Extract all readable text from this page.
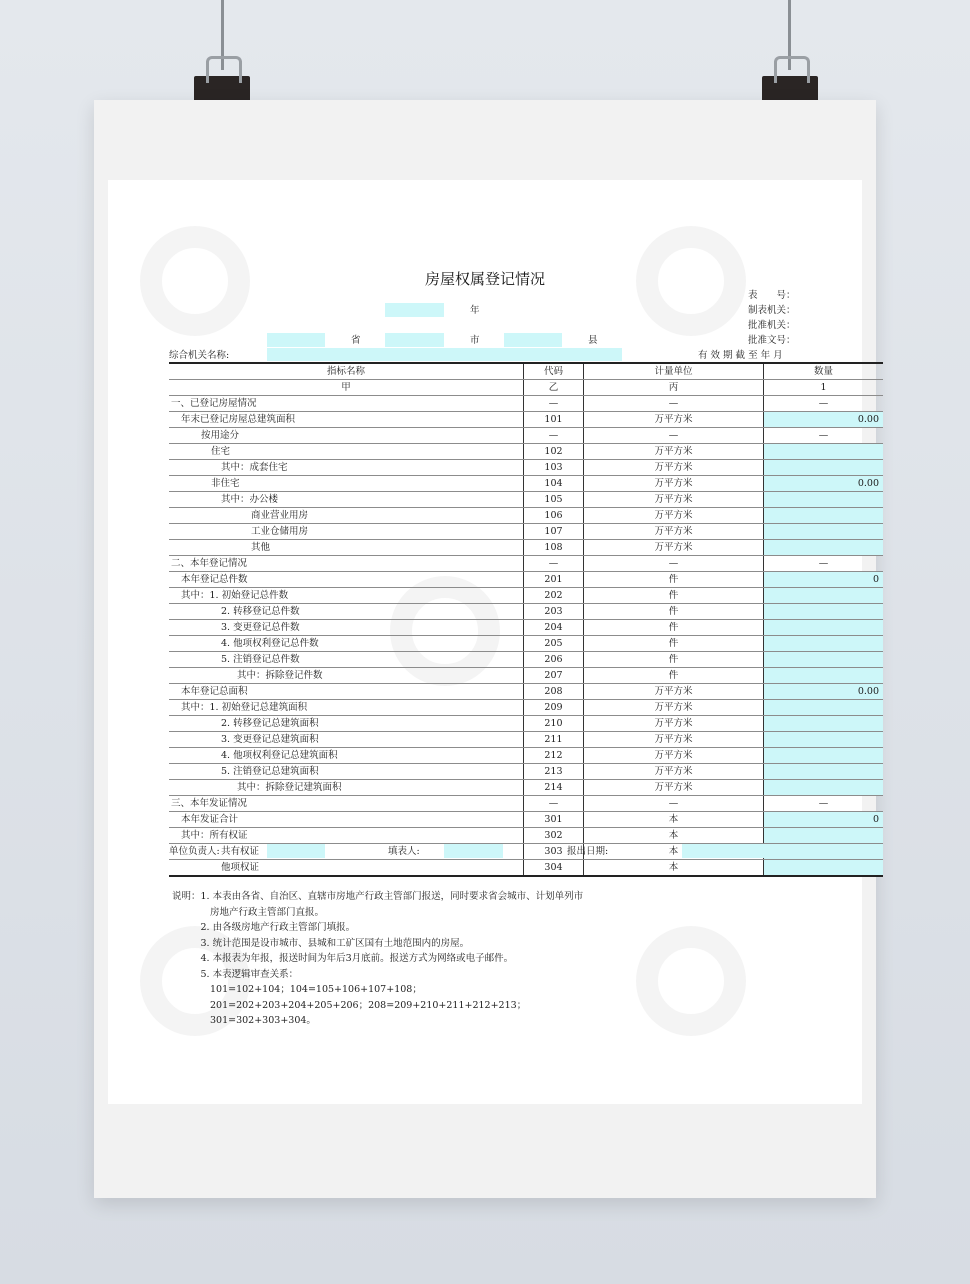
房屋权属登记情况
表　　号：
制表机关：
批准机关：
批准文号：
有 效 期 截 至 年 月
年
省	市	县
综合机关名称:
指标名称	代码	计量单位	数量
甲	乙	丙	1
一、已登记房屋情况	—	—	—
年末已登记房屋总建筑面积	101	万平方米	0.00
按用途分	—	—	—
住宅	102	万平方米	
其中：成套住宅	103	万平方米	
非住宅	104	万平方米	0.00
其中：办公楼	105	万平方米	
商业营业用房	106	万平方米	
工业仓储用房	107	万平方米	
其他	108	万平方米	
二、本年登记情况	—	—	—
本年登记总件数	201	件	0
其中：1. 初始登记总件数	202	件	
2. 转移登记总件数	203	件	
3. 变更登记总件数	204	件	
4. 他项权利登记总件数	205	件	
5. 注销登记总件数	206	件	
其中：拆除登记件数	207	件	
本年登记总面积	208	万平方米	0.00
其中：1. 初始登记总建筑面积	209	万平方米	
2. 转移登记总建筑面积	210	万平方米	
3. 变更登记总建筑面积	211	万平方米	
4. 他项权利登记总建筑面积	212	万平方米	
5. 注销登记总建筑面积	213	万平方米	
其中：拆除登记建筑面积	214	万平方米	
三、本年发证情况	—	—	—
本年发证合计	301	本	0
其中：所有权证	302	本	
共有权证	303	本	
他项权证	304	本	
单位负责人:	填表人:	报出日期:
说明：1. 本表由各省、自治区、直辖市房地产行政主管部门报送，同时要求省会城市、计划单列市
　　　　房地产行政主管部门直报。
　　　2. 由各级房地产行政主管部门填报。
　　　3. 统计范围是设市城市、县城和工矿区国有土地范围内的房屋。
　　　4. 本报表为年报，报送时间为年后3月底前。报送方式为网络或电子邮件。
　　　5. 本表逻辑审查关系：
　　　　101=102+104；104=105+106+107+108；
　　　　201=202+203+204+205+206；208=209+210+211+212+213；
　　　　301=302+303+304。
